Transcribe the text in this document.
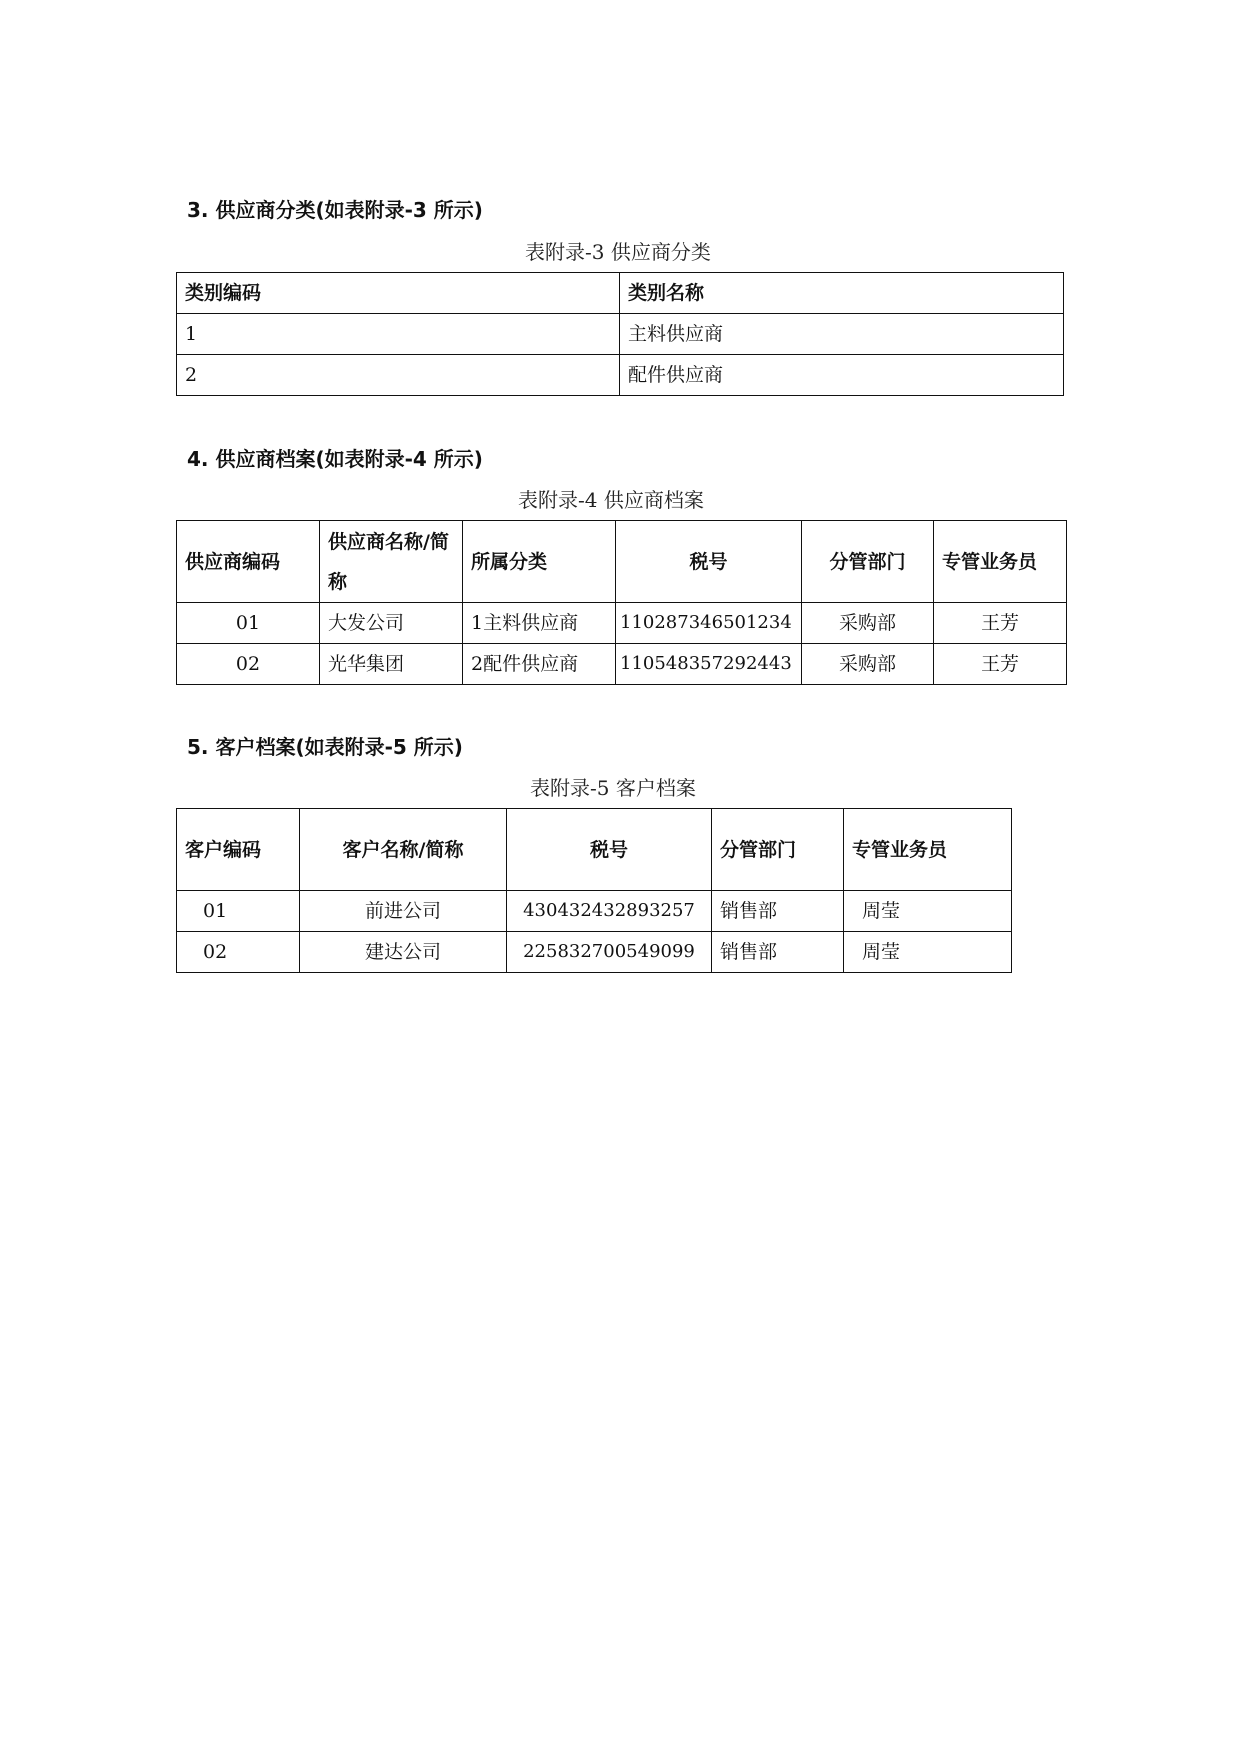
3. 供应商分类(如表附录-3 所示)
表附录-3 供应商分类
类别编码	类别名称
1	主料供应商
2	配件供应商
4. 供应商档案(如表附录-4 所示)
表附录-4 供应商档案
供应商编码	供应商名称/简称	所属分类	税号	分管部门	专管业务员
01	大发公司	1主料供应商	110287346501234	采购部	王芳
02	光华集团	2配件供应商	110548357292443	采购部	王芳
5. 客户档案(如表附录-5 所示)
表附录-5 客户档案
客户编码	客户名称/简称	税号	分管部门	专管业务员
01	前进公司	430432432893257	销售部	周莹
02	建达公司	225832700549099	销售部	周莹
